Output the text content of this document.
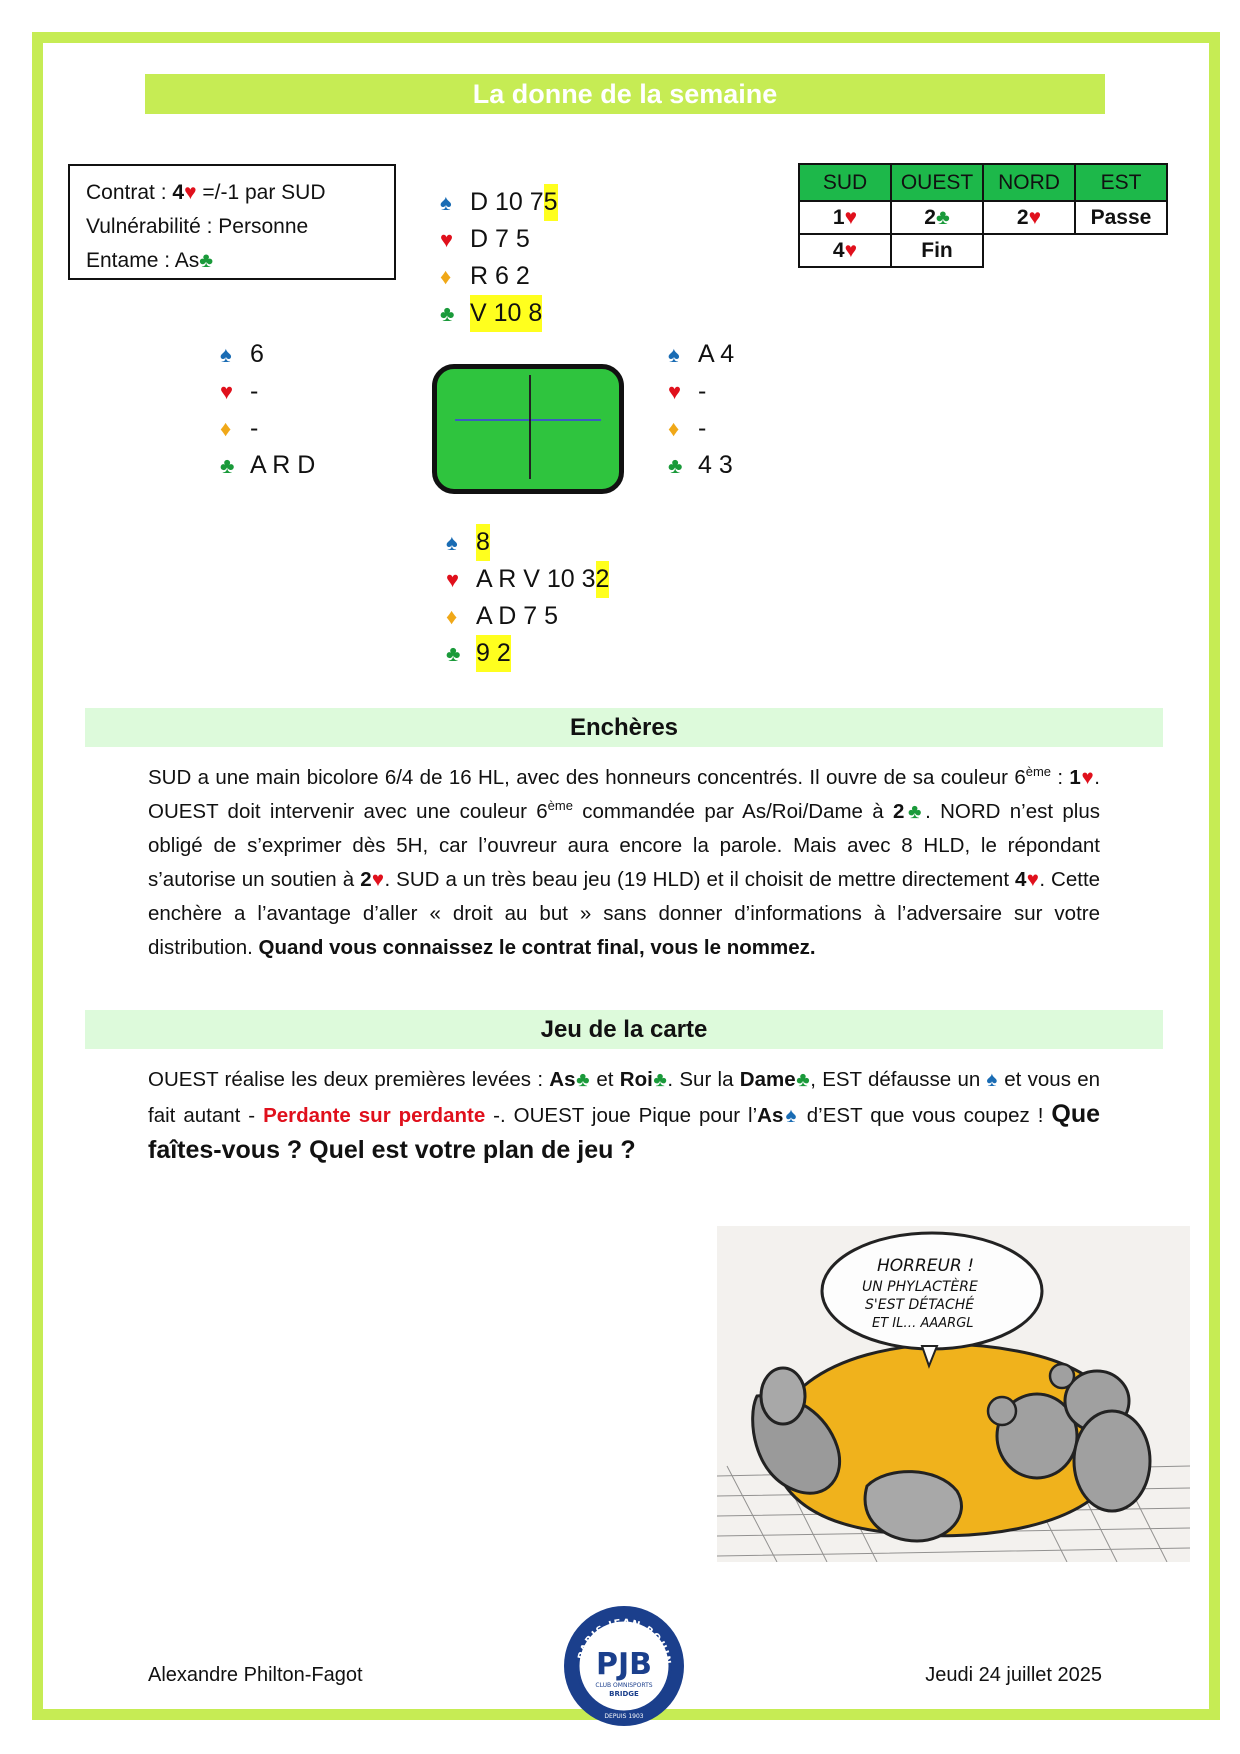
La donne de la semaine
Contrat : 4♥ =/-1 par SUD
Vulnérabilité : Personne
Entame : As♣
♠ D 10 7 5
♥ D 7 5
♦ R 6 2
♣ V 10 8
♠ 6
♥ -
♦ -
♣ A R D
♠ A 4
♥ -
♦ -
♣ 4 3
♠ 8
♥ A R V 10 3 2
♦ A D 7 5
♣ 9 2
SUD	OUEST	NORD	EST
1♥	2♣	2♥	Passe
4♥	Fin		
Enchères
SUD a une main bicolore 6/4 de 16 HL, avec des honneurs concentrés. Il ouvre de sa couleur 6ème : 1♥. OUEST doit intervenir avec une couleur 6ème commandée par As/Roi/Dame à 2♣. NORD n’est plus obligé de s’exprimer dès 5H, car l’ouvreur aura encore la parole. Mais avec 8 HLD, le répondant s’autorise un soutien à 2♥. SUD a un très beau jeu (19 HLD) et il choisit de mettre directement 4♥. Cette enchère a l’avantage d’aller « droit au but » sans donner d’informations à l’adversaire sur votre distribution. Quand vous connaissez le contrat final, vous le nommez.
Jeu de la carte
OUEST réalise les deux premières levées : As♣ et Roi♣. Sur la Dame♣, EST défausse un ♠ et vous en fait autant - Perdante sur perdante -. OUEST joue Pique pour l’As♠ d’EST que vous coupez ! Que faîtes-vous ? Quel est votre plan de jeu ?
HORREUR !
UN PHYLACTÈRE
S'EST DÉTACHÉ
ET IL… AAARGL
Alexandre Philton-Fagot
PARIS JEAN BOUIN
PJB
CLUB OMNISPORTS
BRIDGE
DEPUIS 1903
Jeudi 24 juillet 2025
